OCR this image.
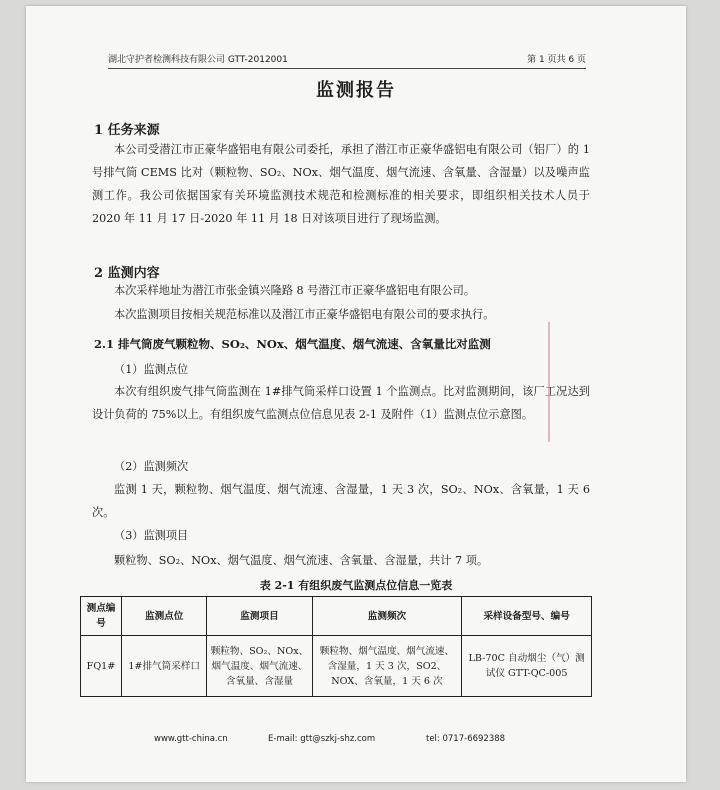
湖北守护者检测科技有限公司 GTT-2012001	第 1 页共 6 页
监测报告
1 任务来源
本公司受潜江市正豪华盛铝电有限公司委托，承担了潜江市正豪华盛铝电有限公司（铝厂）的 1 号排气筒 CEMS 比对（颗粒物、SO₂、NOx、烟气温度、烟气流速、含氧量、含湿量）以及噪声监测工作。我公司依据国家有关环境监测技术规范和检测标准的相关要求，即组织相关技术人员于 2020 年 11 月 17 日-2020 年 11 月 18 日对该项目进行了现场监测。
2 监测内容
本次采样地址为潜江市张金镇兴隆路 8 号潜江市正豪华盛铝电有限公司。
本次监测项目按相关规范标准以及潜江市正豪华盛铝电有限公司的要求执行。
2.1 排气筒废气颗粒物、SO₂、NOx、烟气温度、烟气流速、含氧量比对监测
（1）监测点位
本次有组织废气排气筒监测在 1#排气筒采样口设置 1 个监测点。比对监测期间，该厂工况达到设计负荷的 75%以上。有组织废气监测点位信息见表 2-1 及附件（1）监测点位示意图。
（2）监测频次
监测 1 天，颗粒物、烟气温度、烟气流速、含湿量，1 天 3 次，SO₂、NOx、含氧量，1 天 6 次。
（3）监测项目
颗粒物、SO₂、NOx、烟气温度、烟气流速、含氧量、含湿量，共计 7 项。
表 2-1 有组织废气监测点位信息一览表
测点编号	监测点位	监测项目	监测频次	采样设备型号、编号
FQ1#	1#排气筒采样口	颗粒物、SO₂、NOx、烟气温度、烟气流速、含氧量、含湿量	颗粒物、烟气温度、烟气流速、含湿量，1 天 3 次，SO2、NOX、含氧量，1 天 6 次	LB-70C 自动烟尘（气）测试仪 GTT-QC-005
www.gtt-china.cn	E-mail: gtt@szkj-shz.com	tel: 0717-6692388
